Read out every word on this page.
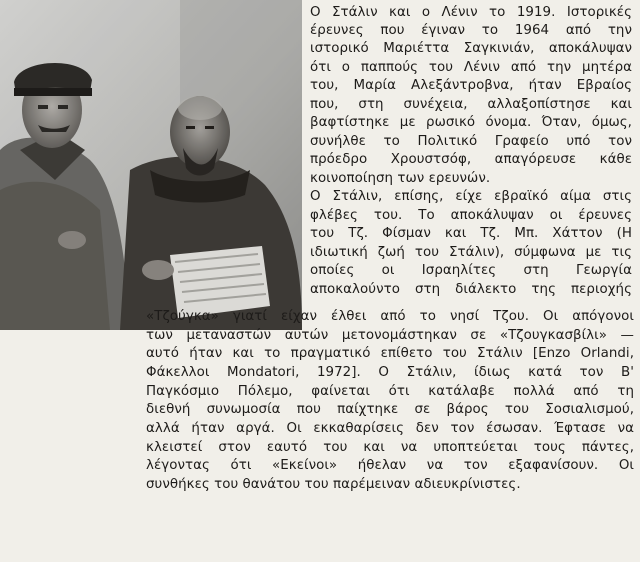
Ο Στάλιν και ο Λένιν το 1919. Ιστορικές
έρευνες που έγιναν το 1964 από την
ιστορικό Μαριέττα Σαγκινιάν, αποκάλυψαν
ότι ο παππούς του Λένιν από την μητέρα
του, Μαρία Αλεξάντροβνα, ήταν Εβραίος
που, στη συνέχεια, αλλαξοπίστησε και
βαφτίστηκε με ρωσικό όνομα. Όταν, όμως,
συνήλθε το Πολιτικό Γραφείο υπό τον
πρόεδρο Χρουστσόφ, απαγόρευσε κάθε
κοινοποίηση των ερευνών.
Ο Στάλιν, επίσης, είχε εβραϊκό αίμα στις
φλέβες του. Το αποκάλυψαν οι έρευνες
του Τζ. Φίσμαν και Τζ. Μπ. Χάττον (Η
ιδιωτική ζωή του Στάλιν), σύμφωνα με τις
οποίες οι Ισραηλίτες στη Γεωργία
αποκαλούντο στη διάλεκτο της περιοχής
«Τζούγκα» γιατί είχαν έλθει από το νησί Τζου. Οι απόγονοι
των μεταναστών αυτών μετονομάστηκαν σε «Τζουγκασβίλι» —
αυτό ήταν και το πραγματικό επίθετο του Στάλιν [Enzo Orlandi,
Φάκελλοι Mondatori, 1972]. Ο Στάλιν, ίδιως κατά τον Β'
Παγκόσμιο Πόλεμο, φαίνεται ότι κατάλαβε πολλά από τη
διεθνή συνωμοσία που παίχτηκε σε βάρος του Σοσιαλισμού,
αλλά ήταν αργά. Οι εκκαθαρίσεις δεν τον έσωσαν. Έφτασε να
κλειστεί στον εαυτό του και να υποπτεύεται τους πάντες,
λέγοντας ότι «Εκείνοι» ήθελαν να τον εξαφανίσουν. Οι
συνθήκες του θανάτου του παρέμειναν αδιευκρίνιστες.
